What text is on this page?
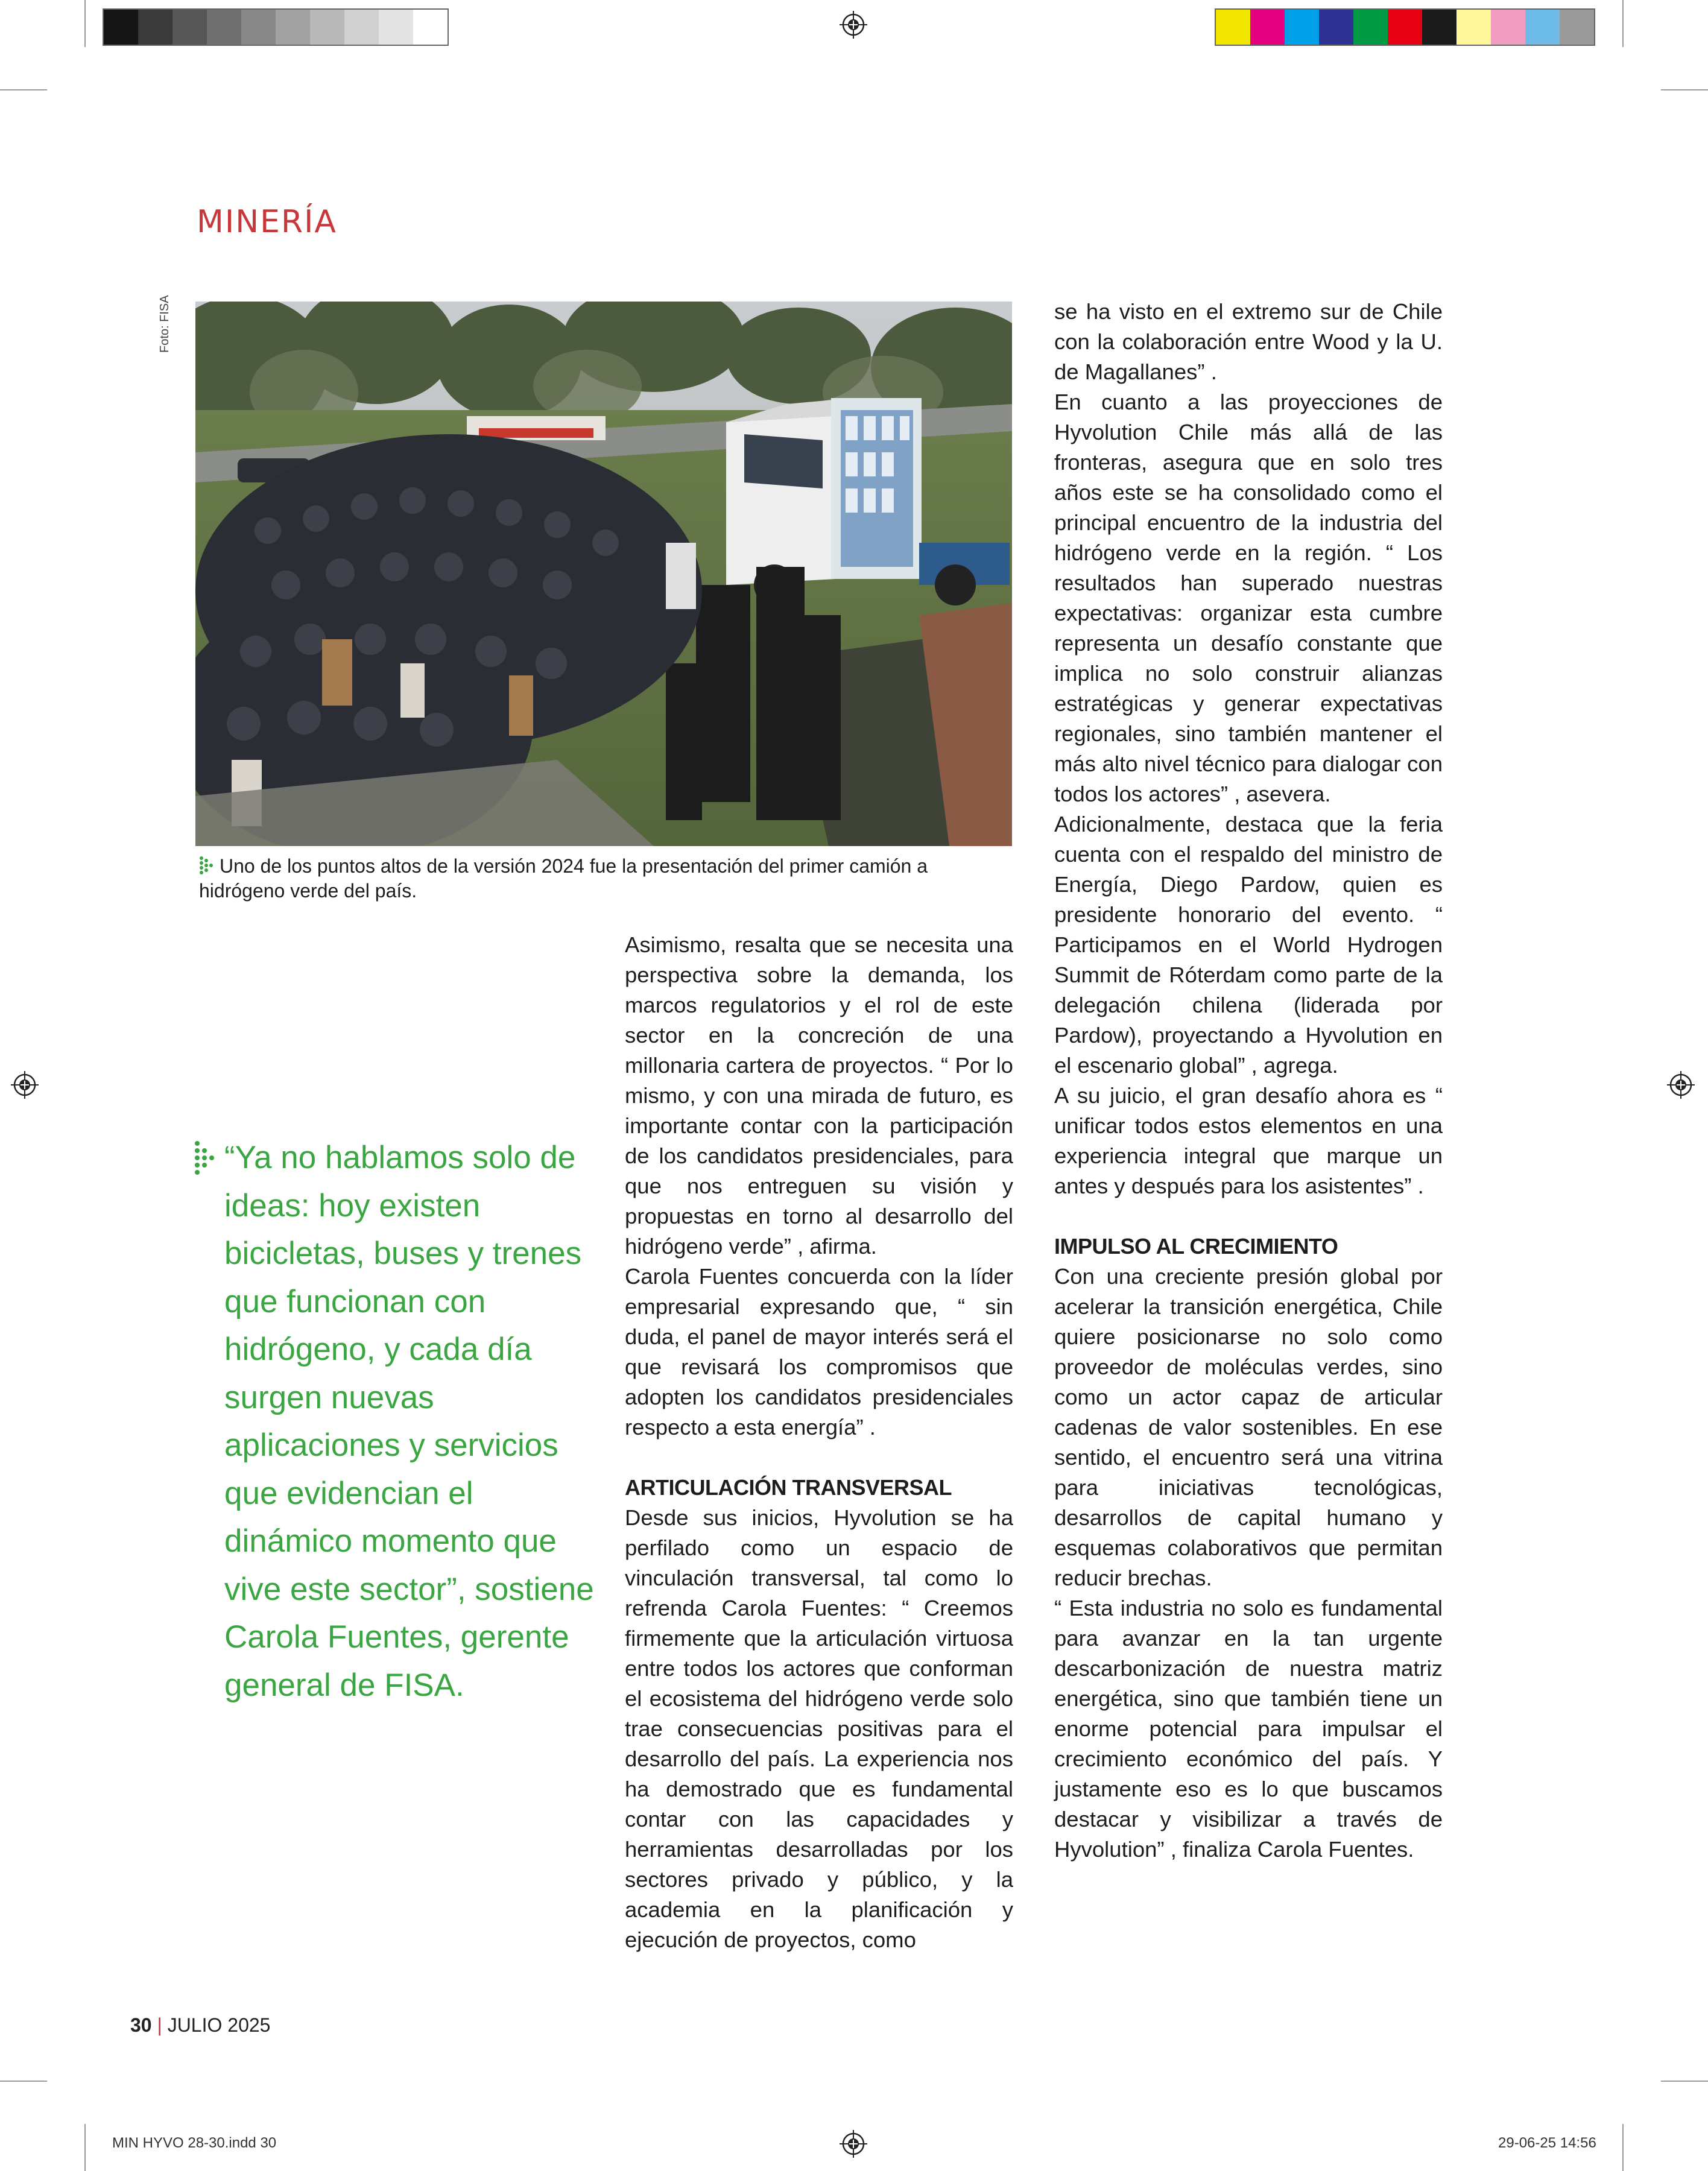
MINERÍA
Foto: FISA
Uno de los puntos altos de la versión 2024 fue la presentación del primer camión a hidrógeno verde del país.
“Ya no hablamos solo de ideas: hoy existen bicicletas, buses y trenes que funcionan con hidrógeno, y cada día surgen nuevas aplicaciones y servicios que evidencian el dinámico momento que vive este sector”, sostiene Carola Fuentes, gerente general de FISA.

Asimismo, resalta que se necesita una perspectiva sobre la demanda, los marcos regulatorios y el rol de este sector en la concreción de una millonaria cartera de proyectos. “ Por lo mismo, y con una mirada de futuro, es importante contar con la participación de los candidatos presidenciales, para que nos entreguen su visión y propuestas en torno al desarrollo del hidrógeno verde” , afirma.

Carola Fuentes concuerda con la líder empresarial expresando que, “ sin duda, el panel de mayor interés será el que revisará los compromisos que adopten los candidatos presidenciales respecto a esta energía” .

ARTICULACIÓN TRANSVERSAL

Desde sus inicios, Hyvolution se ha perfilado como un espacio de vinculación transversal, tal como lo refrenda Carola Fuentes: “ Creemos firmemente que la articulación virtuosa entre todos los actores que conforman el ecosistema del hidrógeno verde solo trae consecuencias positivas para el desarrollo del país. La experiencia nos ha demostrado que es fundamental contar con las capacidades y herramientas desarrolladas por los sectores privado y público, y la academia en la planificación y ejecución de proyectos, como

se ha visto en el extremo sur de Chile con la colaboración entre Wood y la U. de Magallanes” .

En cuanto a las proyecciones de Hyvolution Chile más allá de las fronteras, asegura que en solo tres años este se ha consolidado como el principal encuentro de la industria del hidrógeno verde en la región. “ Los resultados han superado nuestras expectativas: organizar esta cumbre representa un desafío constante que implica no solo construir alianzas estratégicas y generar expectativas regionales, sino también mantener el más alto nivel técnico para dialogar con todos los actores” , asevera.

Adicionalmente, destaca que la feria cuenta con el respaldo del ministro de Energía, Diego Pardow, quien es presidente honorario del evento. “ Participamos en el World Hydrogen Summit de Róterdam como parte de la delegación chilena (liderada por Pardow), proyectando a Hyvolution en el escenario global” , agrega.

A su juicio, el gran desafío ahora es “ unificar todos estos elementos en una experiencia integral que marque un antes y después para los asistentes” .

IMPULSO AL CRECIMIENTO

Con una creciente presión global por acelerar la transición energética, Chile quiere posicionarse no solo como proveedor de moléculas verdes, sino como un actor capaz de articular cadenas de valor sostenibles. En ese sentido, el encuentro será una vitrina para iniciativas tecnológicas, desarrollos de capital humano y esquemas colaborativos que permitan reducir brechas.

“ Esta industria no solo es fundamental para avanzar en la tan urgente descarbonización de nuestra matriz energética, sino que también tiene un enorme potencial para impulsar el crecimiento económico del país. Y justamente eso es lo que buscamos destacar y visibilizar a través de Hyvolution” , finaliza Carola Fuentes.

30 | JULIO 2025
MIN HYVO 28-30.indd 30	29-06-25 14:56
